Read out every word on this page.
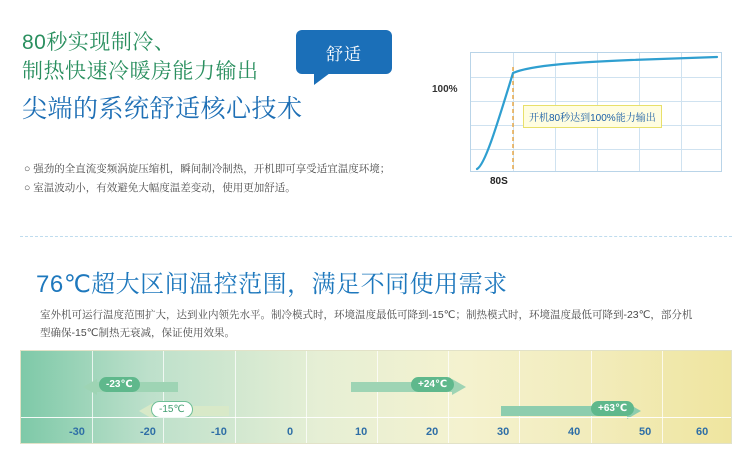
80秒实现制冷、
制热快速冷暖房能力输出
尖端的系统舒适核心技术
○ 强劲的全直流变频涡旋压缩机，瞬间制冷制热，开机即可享受适宜温度环境；
○ 室温波动小，有效避免大幅度温差变动，使用更加舒适。
舒适
100%
开机80秒达到100%能力输出
80S
76℃超大区间温控范围，满足不同使用需求
室外机可运行温度范围扩大，达到业内领先水平。制冷模式时，环境温度最低可降到-15℃；制热模式时，环境温度最低可降到-23℃，部分机型确保-15℃制热无衰减，保证使用效果。
-23℃
-15℃
+24℃
+63℃
-30	-20	-10	0	10	20	30	40	50	60
